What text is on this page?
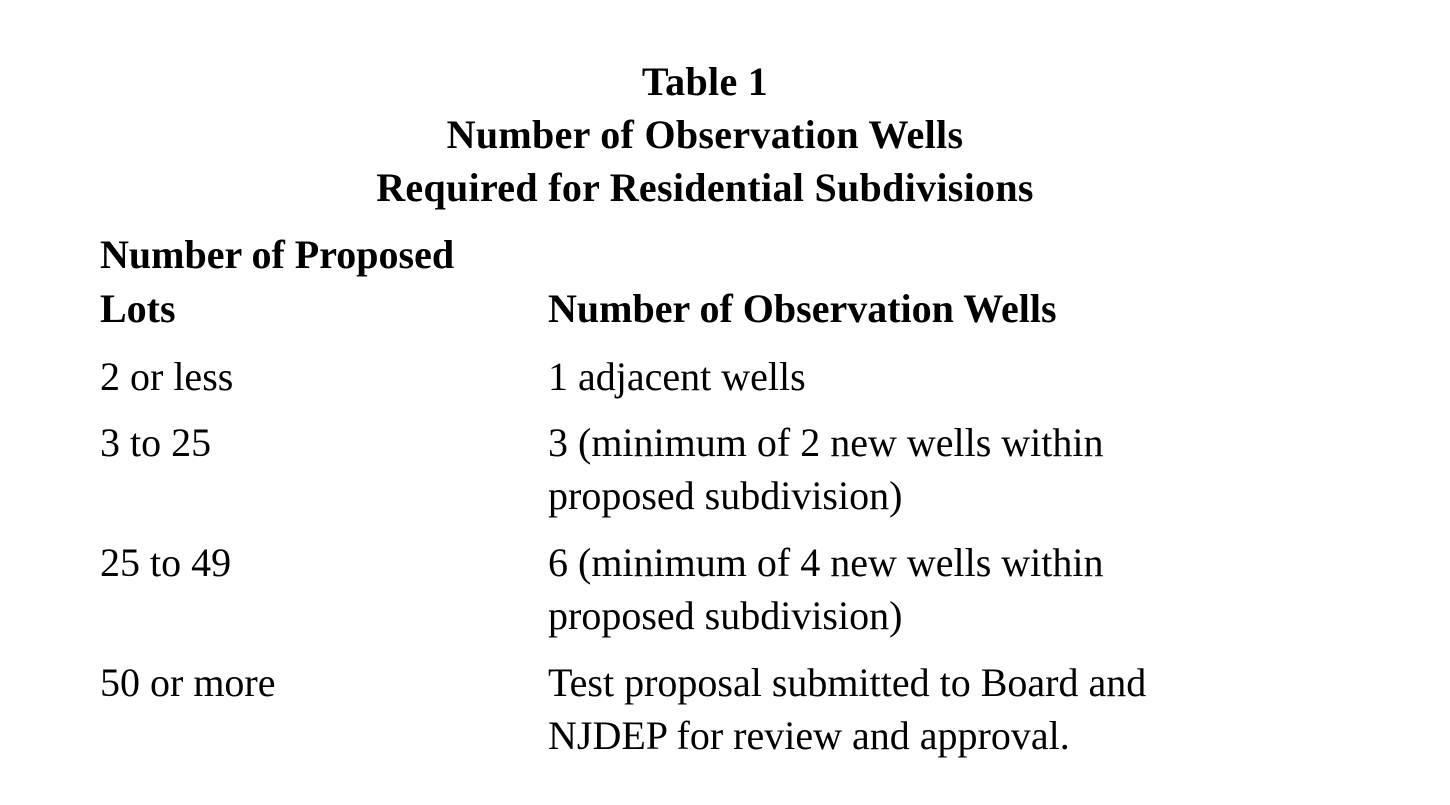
Table 1
Number of Observation Wells
Required for Residential Subdivisions
Number of Proposed
Lots	Number of Observation Wells
2 or less	1 adjacent wells
3 to 25	3 (minimum of 2 new wells within
proposed subdivision)
25 to 49	6 (minimum of 4 new wells within
proposed subdivision)
50 or more	Test proposal submitted to Board and
NJDEP for review and approval.
